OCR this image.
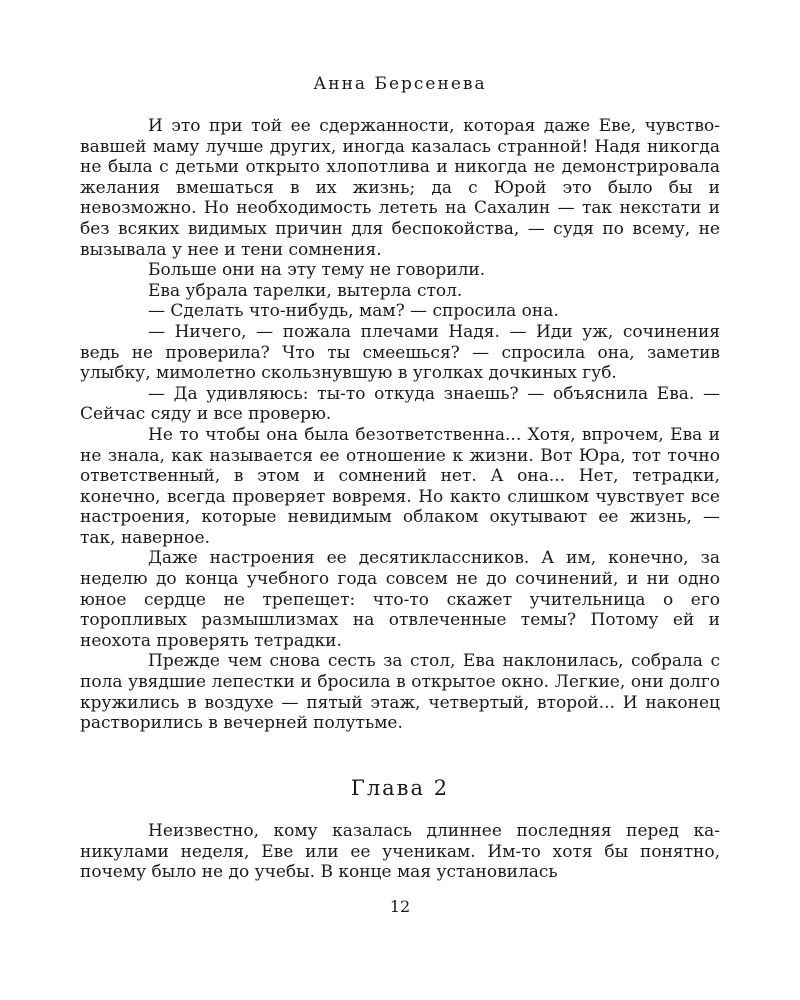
Анна Берсенева

И это при той ее сдержанности, которая даже Еве, чувствовавшей маму лучше других, иногда казалась странной! Надя никогда не была с детьми открыто хлопотлива и никогда не демонстрировала желания вмешаться в их жизнь; да с Юрой это было бы и невозможно. Но необходимость лететь на Сахалин — так некстати и без всяких видимых причин для беспокойства, — судя по всему, не вызывала у нее и тени сомнения.

Больше они на эту тему не говорили.

Ева убрала тарелки, вытерла стол.

— Сделать что-нибудь, мам? — спросила она.

— Ничего, — пожала плечами Надя. — Иди уж, сочинения ведь не проверила? Что ты смеешься? — спросила она, заметив улыбку, мимолетно скользнувшую в уголках дочкиных губ.

— Да удивляюсь: ты-то откуда знаешь? — объяснила Ева. — Сейчас сяду и все проверю.

Не то чтобы она была безответственна... Хотя, впрочем, Ева и не знала, как называется ее отношение к жизни. Вот Юра, тот точно ответственный, в этом и сомнений нет. А она... Нет, тетрадки, конечно, всегда проверяет вовремя. Но както слишком чувствует все настроения, которые невидимым облаком окутывают ее жизнь, — так, наверное.

Даже настроения ее десятиклассников. А им, конечно, за неделю до конца учебного года совсем не до сочинений, и ни одно юное сердце не трепещет: что-то скажет учительница о его торопливых размышлизмах на отвлеченные темы? Потому ей и неохота проверять тетрадки.

Прежде чем снова сесть за стол, Ева наклонилась, собрала с пола увядшие лепестки и бросила в открытое окно. Легкие, они долго кружились в воздухе — пятый этаж, четвертый, второй... И наконец растворились в вечерней полутьме.

Глава 2

Неизвестно, кому казалась длиннее последняя перед каникулами неделя, Еве или ее ученикам. Им-то хотя бы понятно, почему было не до учебы. В конце мая установилась

12
